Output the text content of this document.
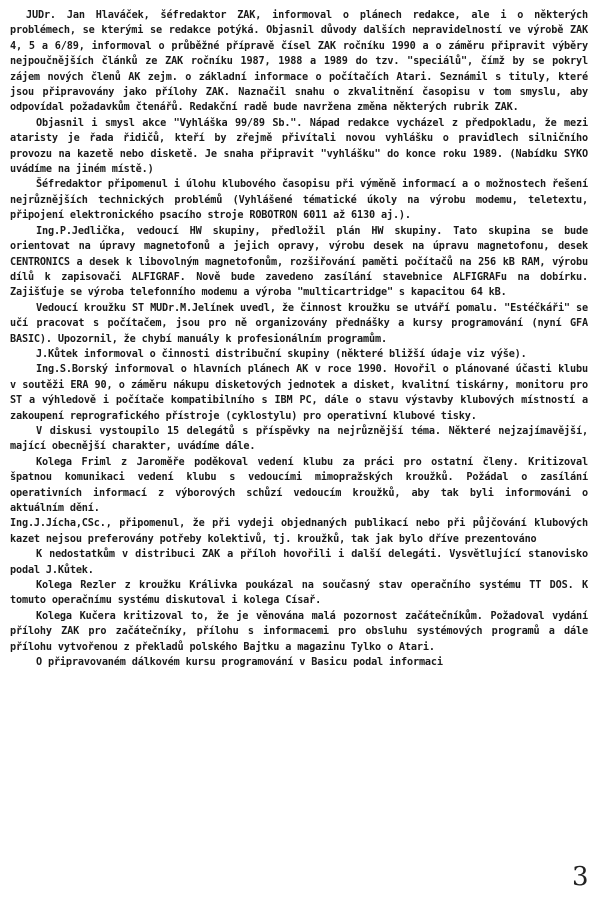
JUDr. Jan Hlaváček, šéfredaktor ZAK, informoval o plánech redakce, ale i o některých problémech, se kterými se redakce potýká. Objasnil důvody dalších nepravidelností ve výrobě ZAK 4, 5 a 6/89, informoval o průběžné přípravě čísel ZAK ročníku 1990 a o záměru připravit výběry nejpoučnějších článků ze ZAK ročníku 1987, 1988 a 1989 do tzv. "speciálů", čímž by se pokryl zájem nových členů AK zejm. o základní informace o počítačích Atari. Seznámil s tituly, které jsou připravovány jako přílohy ZAK. Naznačil snahu o zkvalitnění časopisu v tom smyslu, aby odpovídal požadavkům čtenářů. Redakční radě bude navržena změna některých rubrik ZAK.

Objasnil i smysl akce "Vyhláška 99/89 Sb.". Nápad redakce vycházel z předpokladu, že mezi ataristy je řada řidičů, kteří by zřejmě přivítali novou vyhlášku o pravidlech silničního provozu na kazetě nebo disketě. Je snaha připravit "vyhlášku" do konce roku 1989. (Nabídku SYKO uvádíme na jiném místě.)

Šéfredaktor připomenul i úlohu klubového časopisu při výměně informací a o možnostech řešení nejrůznějších technických problémů (Vyhlášené tématické úkoly na výrobu modemu, teletextu, připojení elektronického psacího stroje ROBOTRON 6011 až 6130 aj.).

Ing.P.Jedlička, vedoucí HW skupiny, předložil plán HW skupiny. Tato skupina se bude orientovat na úpravy magnetofonů a jejich opravy, výrobu desek na úpravu magnetofonu, desek CENTRONICS a desek k libovolným magnetofonům, rozšiřování paměti počítačů na 256 kB RAM, výrobu dílů k zapisovači ALFIGRAF. Nově bude zavedeno zasílání stavebnice ALFIGRAFu na dobírku. Zajišťuje se výroba telefonního modemu a výroba "multicartridge" s kapacitou 64 kB.

Vedoucí kroužku ST MUDr.M.Jelínek uvedl, že činnost kroužku se utváří pomalu. "Estéčkáři" se učí pracovat s počítačem, jsou pro ně organizovány přednášky a kursy programování (nyní GFA BASIC). Upozornil, že chybí manuály k profesionálním programům.

J.Kůtek informoval o činnosti distribuční skupiny (některé bližší údaje viz výše).

Ing.S.Borský informoval o hlavních plánech AK v roce 1990. Hovořil o plánované účasti klubu v soutěži ERA 90, o záměru nákupu disketových jednotek a disket, kvalitní tiskárny, monitoru pro ST a výhledově i počítače kompatibilního s IBM PC, dále o stavu výstavby klubových místností a zakoupení reprografického přístroje (cyklostylu) pro operativní klubové tisky.

V diskusi vystoupilo 15 delegátů s příspěvky na nejrůznější téma. Některé nejzajímavější, mající obecnější charakter, uvádíme dále.

Kolega Friml z Jaroměře poděkoval vedení klubu za práci pro ostatní členy. Kritizoval špatnou komunikaci vedení klubu s vedoucími mimopražských kroužků. Požádal o zasílání operativních informací z výborových schůzí vedoucím kroužků, aby tak byli informováni o aktuálním dění.

Ing.J.Jícha,CSc., připomenul, že při vydeji objednaných publikací nebo při půjčování klubových kazet nejsou preferovány potřeby kolektivů, tj. kroužků, tak jak bylo dříve prezentováno

K nedostatkům v distribuci ZAK a příloh hovořili i další delegáti. Vysvětlující stanovisko podal J.Kůtek.

Kolega Rezler z kroužku Králivka poukázal na současný stav operačního systému TT DOS. K tomuto operačnímu systému diskutoval i kolega Císař.

Kolega Kučera kritizoval to, že je věnována malá pozornost začátečníkům. Požadoval vydání přílohy ZAK pro začátečníky, přílohu s informacemi pro obsluhu systémových programů a dále přílohu vytvořenou z překladů polského Bajtku a magazinu Tylko o Atari.

O připravovaném dálkovém kursu programování v Basicu podal informaci

3
